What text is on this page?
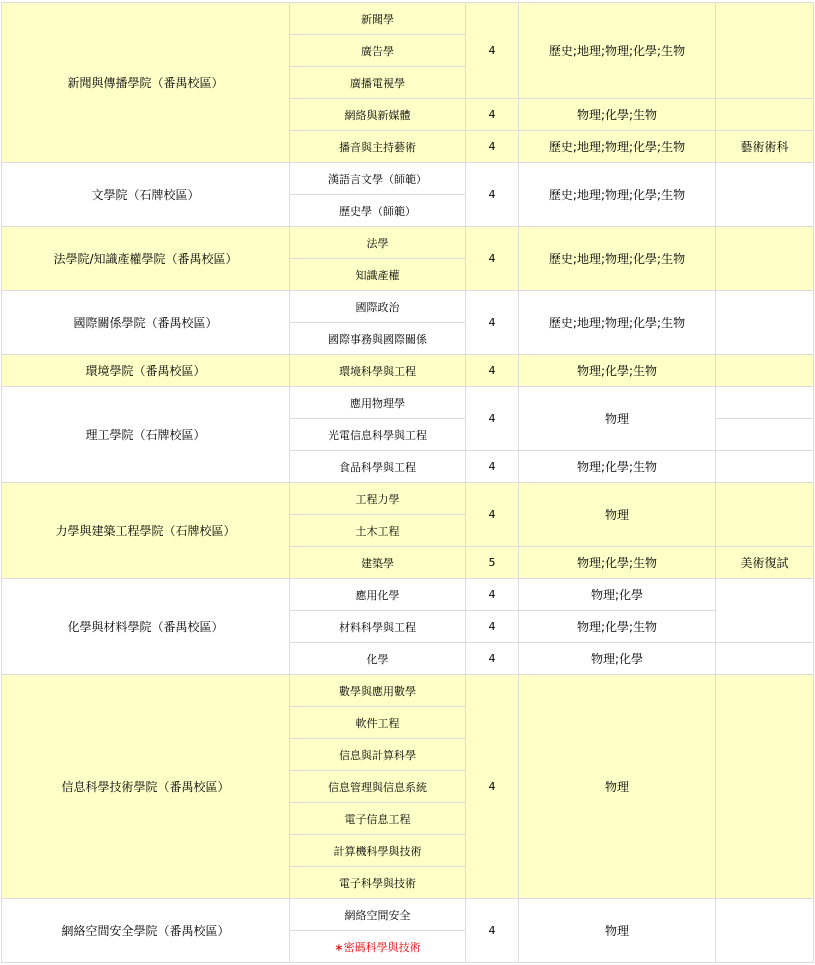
新聞與傳播學院（番禺校區）	新聞學	4	歷史;地理;物理;化學;生物	
	廣告學			
	廣播電視學			
	網絡與新媒體	4	物理;化學;生物	
	播音與主持藝術	4	歷史;地理;物理;化學;生物	藝術術科
文學院（石牌校區）	漢語言文學（師範）	4	歷史;地理;物理;化學;生物	
	歷史學（師範）			
法學院/知識產權學院（番禺校區）	法學	4	歷史;地理;物理;化學;生物	
	知識產權			
國際關係學院（番禺校區）	國際政治	4	歷史;地理;物理;化學;生物	
	國際事務與國際關係			
環境學院（番禺校區）	環境科學與工程	4	物理;化學;生物	
理工學院（石牌校區）	應用物理學	4	物理	
	光電信息科學與工程			
	食品科學與工程	4	物理;化學;生物	
力學與建築工程學院（石牌校區）	工程力學	4	物理	
	土木工程			
	建築學	5	物理;化學;生物	美術復試
化學與材料學院（番禺校區）	應用化學	4	物理;化學	
	材料科學與工程	4	物理;化學;生物	
	化學	4	物理;化學	
信息科學技術學院（番禺校區）	數學與應用數學	4	物理	
	軟件工程			
	信息與計算科學			
	信息管理與信息系統			
	電子信息工程			
	計算機科學與技術			
	電子科學與技術			
網絡空間安全學院（番禺校區）	網絡空間安全	4	物理	
	∗密碼科學與技術			
